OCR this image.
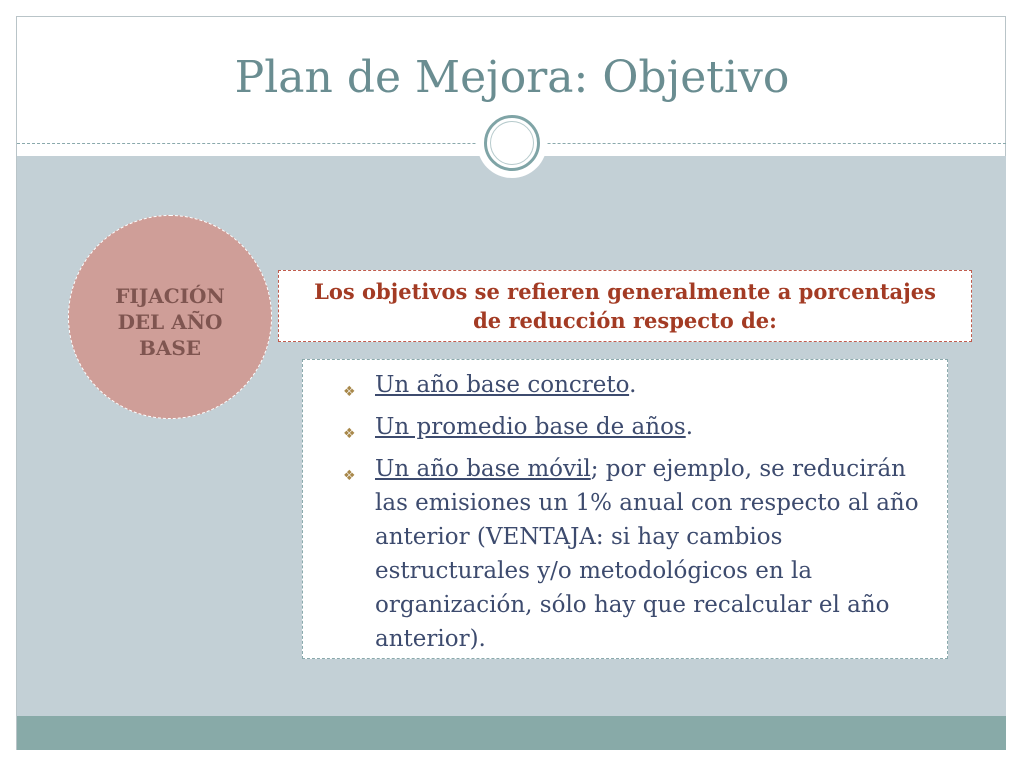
Plan de Mejora: Objetivo
FIJACIÓN DEL AÑO BASE
Los objetivos se refieren generalmente a porcentajes de reducción respecto de:
❖ Un año base concreto.
❖ Un promedio base de años.
❖ Un año base móvil; por ejemplo, se reducirán las emisiones un 1% anual con respecto al año anterior (VENTAJA: si hay cambios estructurales y/o metodológicos en la organización, sólo hay que recalcular el año anterior).
